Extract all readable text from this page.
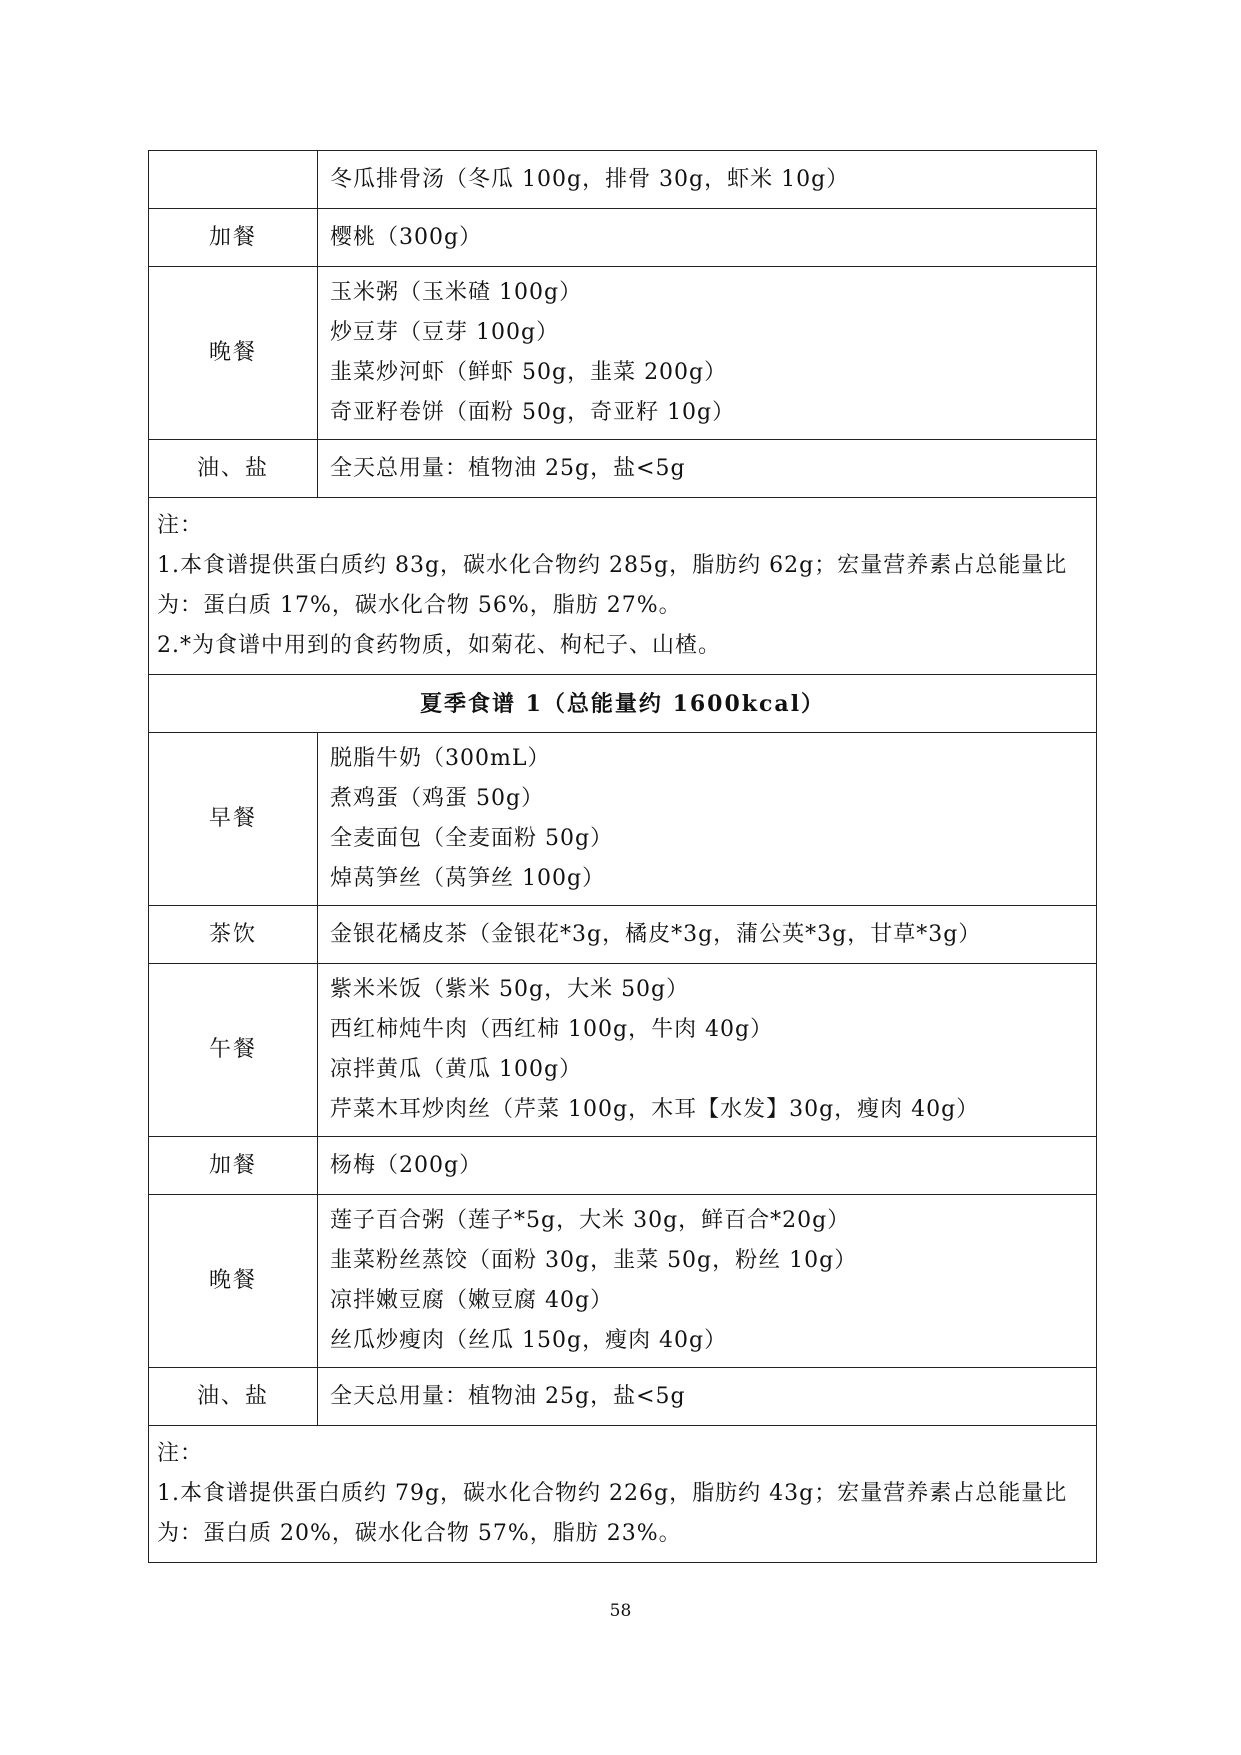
	冬瓜排骨汤（冬瓜 100g，排骨 30g，虾米 10g）

加餐	樱桃（300g）

晚餐	玉米粥（玉米碴 100g）
炒豆芽（豆芽 100g）
韭菜炒河虾（鲜虾 50g，韭菜 200g）
奇亚籽卷饼（面粉 50g，奇亚籽 10g）

油、盐	全天总用量：植物油 25g，盐<5g

注：
1.本食谱提供蛋白质约 83g，碳水化合物约 285g，脂肪约 62g；宏量营养素占总能量比为：蛋白质 17%，碳水化合物 56%，脂肪 27%。
2.*为食谱中用到的食药物质，如菊花、枸杞子、山楂。	

夏季食谱 1（总能量约 1600kcal）	
早餐	脱脂牛奶（300mL）
煮鸡蛋（鸡蛋 50g）
全麦面包（全麦面粉 50g）
焯莴笋丝（莴笋丝 100g）

茶饮	金银花橘皮茶（金银花*3g，橘皮*3g，蒲公英*3g，甘草*3g）

午餐	紫米米饭（紫米 50g，大米 50g）
西红柿炖牛肉（西红柿 100g，牛肉 40g）
凉拌黄瓜（黄瓜 100g）
芹菜木耳炒肉丝（芹菜 100g，木耳【水发】30g，瘦肉 40g）

加餐	杨梅（200g）

晚餐	莲子百合粥（莲子*5g，大米 30g，鲜百合*20g）
韭菜粉丝蒸饺（面粉 30g，韭菜 50g，粉丝 10g）
凉拌嫩豆腐（嫩豆腐 40g）
丝瓜炒瘦肉（丝瓜 150g，瘦肉 40g）

油、盐	全天总用量：植物油 25g，盐<5g

注：
1.本食谱提供蛋白质约 79g，碳水化合物约 226g，脂肪约 43g；宏量营养素占总能量比为：蛋白质 20%，碳水化合物 57%，脂肪 23%。	
58
